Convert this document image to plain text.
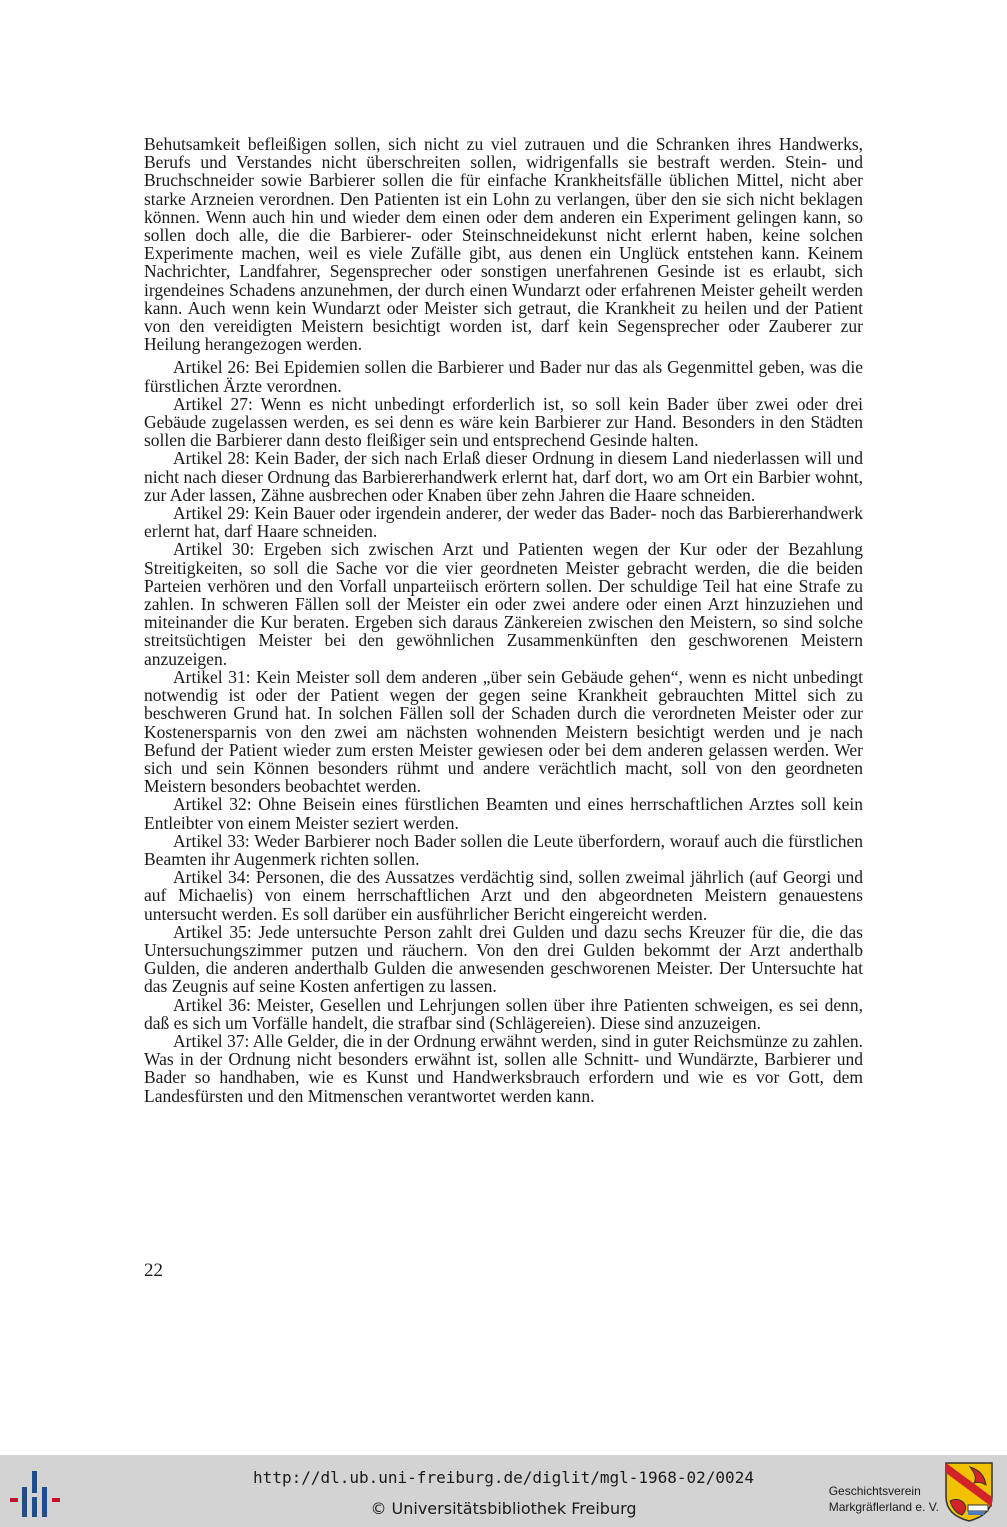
Behutsamkeit befleißigen sollen, sich nicht zu viel zutrauen und die Schranken ihres Handwerks, Berufs und Verstandes nicht überschreiten sollen, widrigenfalls sie bestraft werden. Stein- und Bruchschneider sowie Barbierer sollen die für einfache Krankheitsfälle üblichen Mittel, nicht aber starke Arzneien verordnen. Den Patienten ist ein Lohn zu verlangen, über den sie sich nicht beklagen können. Wenn auch hin und wieder dem einen oder dem anderen ein Experiment gelingen kann, so sollen doch alle, die die Barbierer- oder Steinschneidekunst nicht erlernt haben, keine solchen Experimente machen, weil es viele Zufälle gibt, aus denen ein Unglück entstehen kann. Keinem Nachrichter, Landfahrer, Segensprecher oder sonstigen unerfahrenen Gesinde ist es erlaubt, sich irgendeines Schadens anzunehmen, der durch einen Wundarzt oder erfahrenen Meister geheilt werden kann. Auch wenn kein Wundarzt oder Meister sich getraut, die Krankheit zu heilen und der Patient von den vereidigten Meistern besichtigt worden ist, darf kein Segensprecher oder Zauberer zur Heilung herangezogen werden.

Artikel 26: Bei Epidemien sollen die Barbierer und Bader nur das als Gegenmittel geben, was die fürstlichen Ärzte verordnen.

Artikel 27: Wenn es nicht unbedingt erforderlich ist, so soll kein Bader über zwei oder drei Gebäude zugelassen werden, es sei denn es wäre kein Barbierer zur Hand. Besonders in den Städten sollen die Barbierer dann desto fleißiger sein und entsprechend Gesinde halten.

Artikel 28: Kein Bader, der sich nach Erlaß dieser Ordnung in diesem Land niederlassen will und nicht nach dieser Ordnung das Barbiererhandwerk erlernt hat, darf dort, wo am Ort ein Barbier wohnt, zur Ader lassen, Zähne ausbrechen oder Knaben über zehn Jahren die Haare schneiden.

Artikel 29: Kein Bauer oder irgendein anderer, der weder das Bader- noch das Barbiererhandwerk erlernt hat, darf Haare schneiden.

Artikel 30: Ergeben sich zwischen Arzt und Patienten wegen der Kur oder der Bezahlung Streitigkeiten, so soll die Sache vor die vier geordneten Meister gebracht werden, die die beiden Parteien verhören und den Vorfall unparteiisch erörtern sollen. Der schuldige Teil hat eine Strafe zu zahlen. In schweren Fällen soll der Meister ein oder zwei andere oder einen Arzt hinzuziehen und miteinander die Kur beraten. Ergeben sich daraus Zänkereien zwischen den Meistern, so sind solche streitsüchtigen Meister bei den gewöhnlichen Zusammenkünften den geschworenen Meistern anzuzeigen.

Artikel 31: Kein Meister soll dem anderen „über sein Gebäude gehen“, wenn es nicht unbedingt notwendig ist oder der Patient wegen der gegen seine Krankheit gebrauchten Mittel sich zu beschweren Grund hat. In solchen Fällen soll der Schaden durch die verordneten Meister oder zur Kostenersparnis von den zwei am nächsten wohnenden Meistern besichtigt werden und je nach Befund der Patient wieder zum ersten Meister gewiesen oder bei dem anderen gelassen werden. Wer sich und sein Können besonders rühmt und andere verächtlich macht, soll von den geordneten Meistern besonders beobachtet werden.

Artikel 32: Ohne Beisein eines fürstlichen Beamten und eines herrschaftlichen Arztes soll kein Entleibter von einem Meister seziert werden.

Artikel 33: Weder Barbierer noch Bader sollen die Leute überfordern, worauf auch die fürstlichen Beamten ihr Augenmerk richten sollen.

Artikel 34: Personen, die des Aussatzes verdächtig sind, sollen zweimal jährlich (auf Georgi und auf Michaelis) von einem herrschaftlichen Arzt und den abgeordneten Meistern genauestens untersucht werden. Es soll darüber ein ausführlicher Bericht eingereicht werden.

Artikel 35: Jede untersuchte Person zahlt drei Gulden und dazu sechs Kreuzer für die, die das Untersuchungszimmer putzen und räuchern. Von den drei Gulden bekommt der Arzt anderthalb Gulden, die anderen anderthalb Gulden die anwesenden geschworenen Meister. Der Untersuchte hat das Zeugnis auf seine Kosten anfertigen zu lassen.

Artikel 36: Meister, Gesellen und Lehrjungen sollen über ihre Patienten schweigen, es sei denn, daß es sich um Vorfälle handelt, die strafbar sind (Schlägereien). Diese sind anzuzeigen.

Artikel 37: Alle Gelder, die in der Ordnung erwähnt werden, sind in guter Reichsmünze zu zahlen. Was in der Ordnung nicht besonders erwähnt ist, sollen alle Schnitt- und Wundärzte, Barbierer und Bader so handhaben, wie es Kunst und Handwerksbrauch erfordern und wie es vor Gott, dem Landesfürsten und den Mitmenschen verantwortet werden kann.

22
http://dl.ub.uni-freiburg.de/diglit/mgl-1968-02/0024
© Universitätsbibliothek Freiburg
Geschichtsverein
Markgräflerland e. V.
